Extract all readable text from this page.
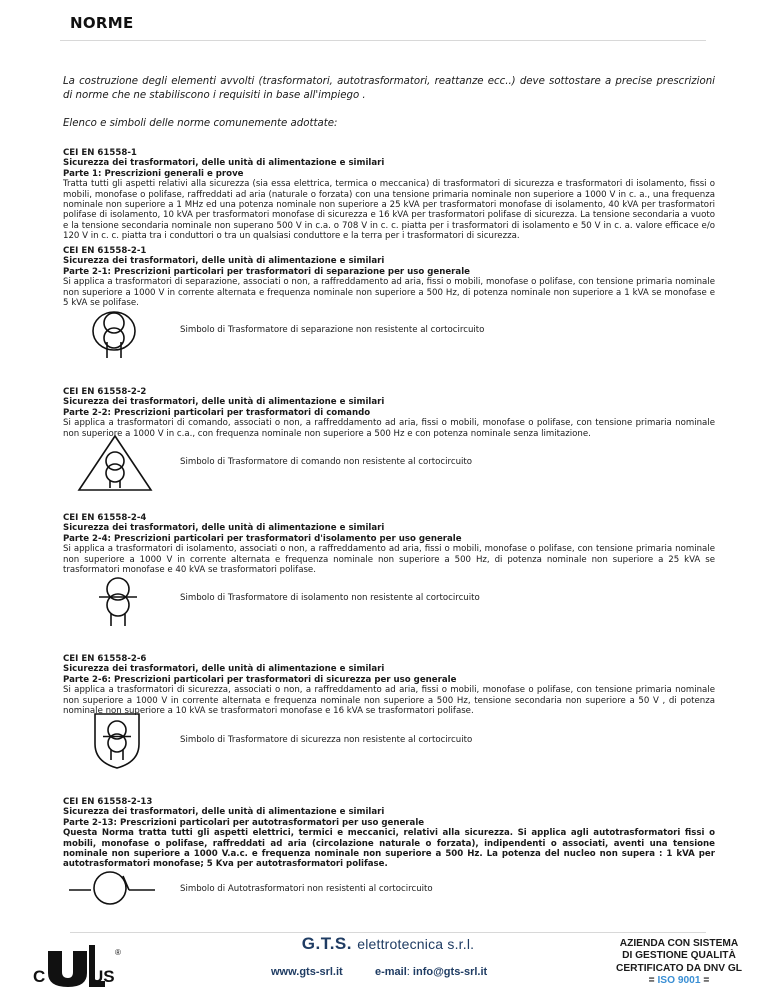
NORME
La costruzione degli elementi avvolti (trasformatori, autotrasformatori, reattanze ecc..) deve sottostare a precise prescrizioni di norme che ne stabiliscono i requisiti in base all'impiego .
Elenco e simboli delle norme comunemente adottate:
CEI EN 61558-1
Sicurezza dei trasformatori, delle unità di alimentazione e similari
Parte 1: Prescrizioni generali e prove
Tratta tutti gli aspetti relativi alla sicurezza (sia essa elettrica, termica o meccanica) di trasformatori di sicurezza e trasformatori di isolamento, fissi o mobili, monofase o polifase, raffreddati ad aria (naturale o forzata) con una tensione primaria nominale non superiore a 1000 V in c. a., una frequenza nominale non superiore a 1 MHz ed una potenza nominale non superiore a 25 kVA per trasformatori monofase di isolamento, 40 kVA per trasformatori polifase di isolamento, 10 kVA per trasformatori monofase di sicurezza e 16 kVA per trasformatori polifase di sicurezza. La tensione secondaria a vuoto e la tensione secondaria nominale non superano 500 V in c.a. o 708 V in c. c. piatta per i trasformatori di isolamento e 50 V in c. a. valore efficace e/o 120 V in c. c. piatta tra i conduttori o tra un qualsiasi conduttore e la terra per i trasformatori di sicurezza.
CEI EN 61558-2-1
Sicurezza dei trasformatori, delle unità di alimentazione e similari
Parte 2-1: Prescrizioni particolari per trasformatori di separazione per uso generale
Si applica a trasformatori di separazione, associati o non, a raffreddamento ad aria, fissi o mobili, monofase o polifase, con tensione primaria nominale non superiore a 1000 V in corrente alternata e frequenza nominale non superiore a 500 Hz, di potenza nominale non superiore a 1 kVA se monofase e 5 kVA se polifase.
Simbolo di Trasformatore di separazione non resistente al cortocircuito
CEI EN 61558-2-2
Sicurezza dei trasformatori, delle unità di alimentazione e similari
Parte 2-2: Prescrizioni particolari per trasformatori di comando
Si applica a trasformatori di comando, associati o non, a raffreddamento ad aria, fissi o mobili, monofase o polifase, con tensione primaria nominale non superiore a 1000 V in c.a., con frequenza nominale non superiore a 500 Hz e con potenza nominale senza limitazione.
Simbolo di Trasformatore di comando non resistente al cortocircuito
CEI EN 61558-2-4
Sicurezza dei trasformatori, delle unità di alimentazione e similari
Parte 2-4: Prescrizioni particolari per trasformatori d'isolamento per uso generale
Si applica a trasformatori di isolamento, associati o non, a raffreddamento ad aria, fissi o mobili, monofase o polifase, con tensione primaria nominale non superiore a 1000 V in corrente alternata e frequenza nominale non superiore a 500 Hz, di potenza nominale non superiore a 25 kVA se trasformatori monofase e 40 kVA se trasformatori polifase.
Simbolo di Trasformatore di isolamento non resistente al cortocircuito
CEI EN 61558-2-6
Sicurezza dei trasformatori, delle unità di alimentazione e similari
Parte 2-6: Prescrizioni particolari per trasformatori di sicurezza per uso generale
Si applica a trasformatori di sicurezza, associati o non, a raffreddamento ad aria, fissi o mobili, monofase o polifase, con tensione primaria nominale non superiore a 1000 V in corrente alternata e frequenza nominale non superiore a 500 Hz, tensione secondaria non superiore a 50 V , di potenza nominale non superiore a 10 kVA se trasformatori monofase e 16 kVA se trasformatori polifase.
Simbolo di Trasformatore di sicurezza non resistente al cortocircuito
CEI EN 61558-2-13
Sicurezza dei trasformatori, delle unità di alimentazione e similari
Parte 2-13: Prescrizioni particolari per autotrasformatori per uso generale
Questa Norma tratta tutti gli aspetti elettrici, termici e meccanici, relativi alla sicurezza. Si applica agli autotrasformatori fissi o mobili, monofase o polifase, raffreddati ad aria (circolazione naturale o forzata), indipendenti o associati, aventi una tensione nominale non superiore a 1000 V.a.c. e frequenza nominale non superiore a 500 Hz. La potenza del nucleo non supera : 1 kVA per autotrasformatori monofase; 5 Kva per autotrasformatori polifase.
Simbolo di Autotrasformatori non resistenti al cortocircuito
C	US
®	G.T.S. elettrotecnica s.r.l.
www.gts-srl.it	e-mail: info@gts-srl.it
AZIENDA CON SISTEMA
DI GESTIONE QUALITÀ
CERTIFICATO DA DNV GL
= ISO 9001 =
